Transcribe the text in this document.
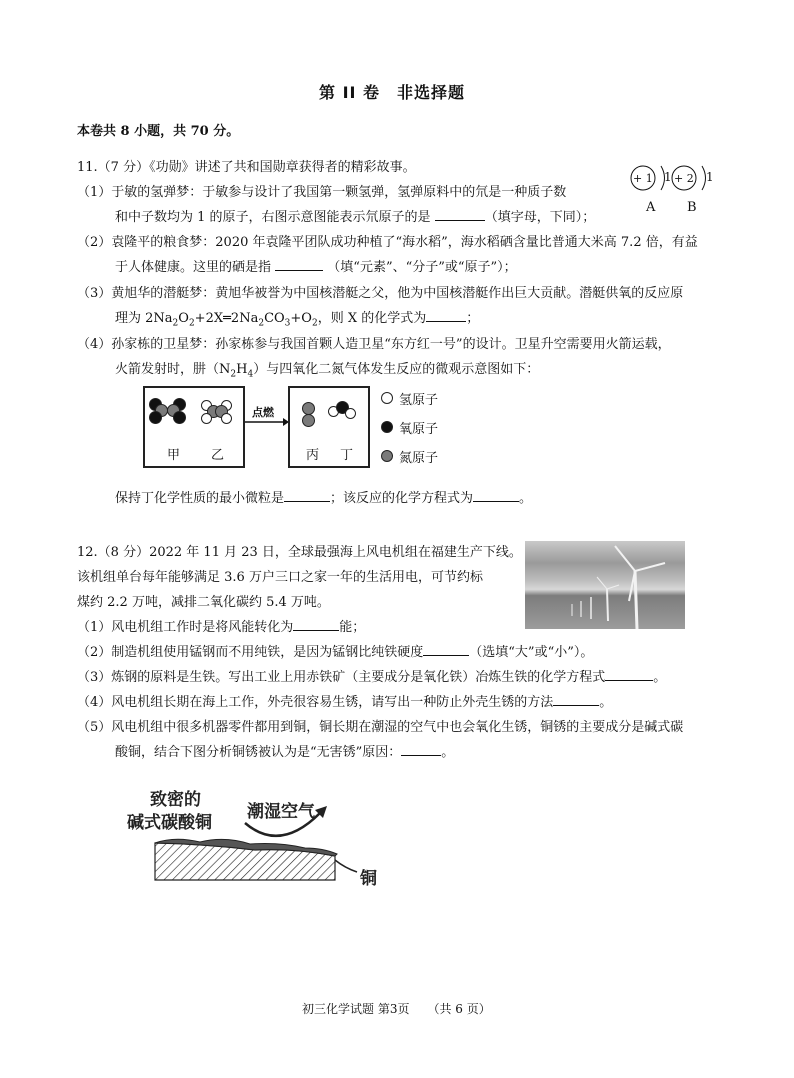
第 II 卷　非选择题
本卷共 8 小题，共 70 分。
11.（7 分）《功勋》讲述了共和国勋章获得者的精彩故事。
（1）于敏的氢弹梦：于敏参与设计了我国第一颗氢弹，氢弹原料中的氘是一种质子数
和中子数均为 1 的原子，右图示意图能表示氘原子的是	（填字母，下同）；
+ 1 1 + 2 1
A B
（2）袁隆平的粮食梦：2020 年袁隆平团队成功种植了“海水稻”，海水稻硒含量比普通大米高 7.2 倍，有益
于人体健康。这里的硒是指	（填“元素”、“分子”或“原子”）；
（3）黄旭华的潜艇梦：黄旭华被誉为中国核潜艇之父，他为中国核潜艇作出巨大贡献。潜艇供氧的反应原
理为 $2Na_2O_2+2X═2Na_2CO_3+O_2$，则 X 的化学式为	；
（4）孙家栋的卫星梦：孙家栋参与我国首颗人造卫星“东方红一号”的设计。卫星升空需要用火箭运载，
火箭发射时，肼$(N_2H_4)$与四氧化二氮气体发生反应的微观示意图如下：
甲 乙
点燃
丙 丁
氢原子
氧原子
氮原子
保持丁化学性质的最小微粒是	；该反应的化学方程式为	。
12.（8 分）2022 年 11 月 23 日，全球最强海上风电机组在福建生产下线。
该机组单台每年能够满足 3.6 万户三口之家一年的生活用电，可节约标
煤约 2.2 万吨，减排二氧化碳约 5.4 万吨。
（1）风电机组工作时是将风能转化为	能；
（2）制造机组使用锰钢而不用纯铁，是因为锰钢比纯铁硬度	（选填“大”或“小”）。
（3）炼钢的原料是生铁。写出工业上用赤铁矿（主要成分是氧化铁）冶炼生铁的化学方程式	。
（4）风电机组长期在海上工作，外壳很容易生锈，请写出一种防止外壳生锈的方法	。
（5）风电机组中很多机器零件都用到铜，铜长期在潮湿的空气中也会氧化生锈，铜锈的主要成分是碱式碳
酸铜，结合下图分析铜锈被认为是“无害锈”原因：	。
致密的
碱式碳酸铜
潮湿空气
铜
初三化学试题 第3页　　（共 6 页）
